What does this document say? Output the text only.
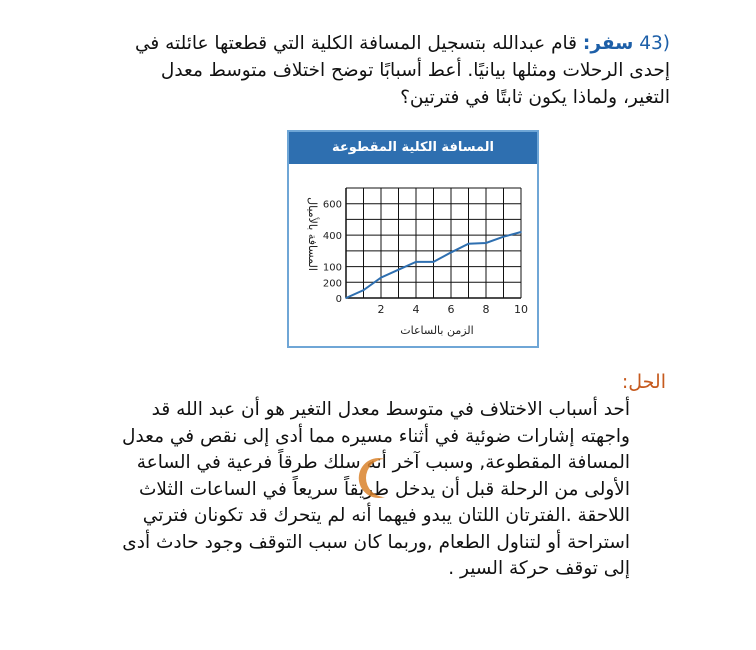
(43 سفر: قام عبدالله بتسجيل المسافة الكلية التي قطعتها عائلته في إحدى الرحلات ومثلها بيانيًا. أعط أسبابًا توضح اختلاف متوسط معدل التغير، ولماذا يكون ثابتًا في فترتين؟
المسافة الكلية المقطوعة
2	4	6	8 10
0
200
100
400
600
الزمن بالساعات
المسافة بالأميال
الحل:
أحد أسباب الاختلاف في متوسط معدل التغير هو أن عبد الله قد واجهته إشارات ضوئية في أثناء مسيره مما أدى إلى نقص في معدل المسافة المقطوعة, وسبب آخر أنه سلك طرقاً فرعية في الساعة الأولى من الرحلة قبل أن يدخل طريقاً سريعاً في الساعات الثلاث اللاحقة .الفترتان اللتان يبدو فيهما أنه لم يتحرك قد تكونان فترتي استراحة أو لتناول الطعام ,وربما كان سبب التوقف وجود حادث أدى إلى توقف حركة السير .
